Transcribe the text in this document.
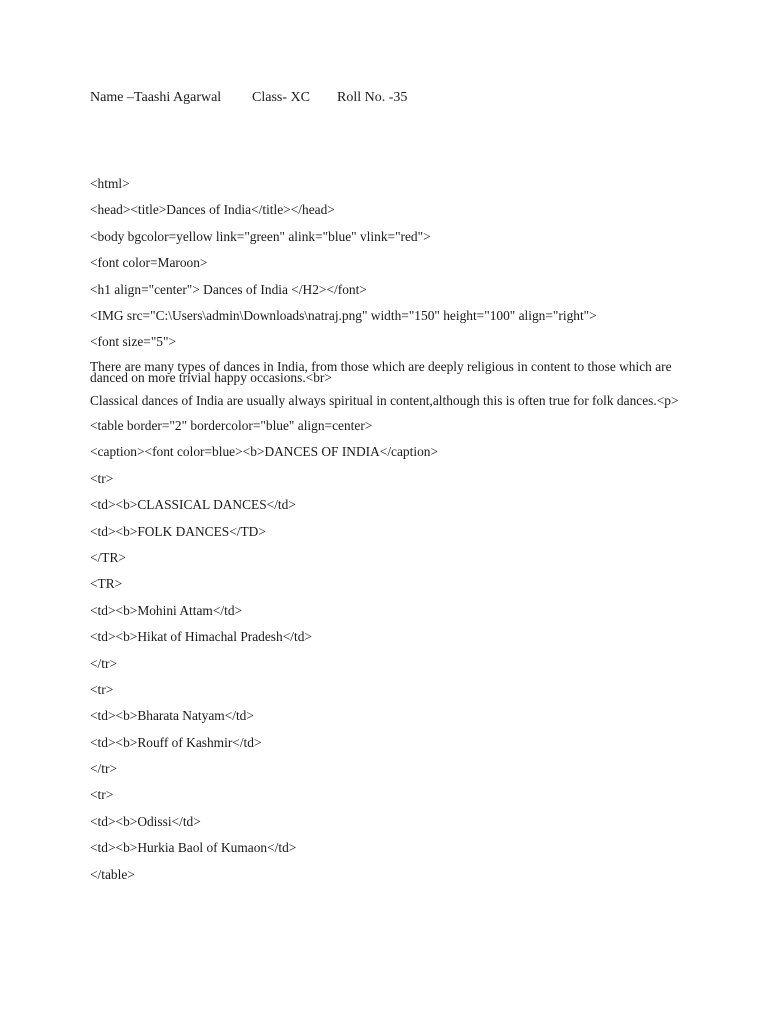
Name –Taashi Agarwal Class- XC Roll No. -35
<html>
<head><title>Dances of India</title></head>
<body bgcolor=yellow link="green" alink="blue" vlink="red">
<font color=Maroon>
<h1 align="center"> Dances of India </H2></font>
<IMG src="C:\Users\admin\Downloads\natraj.png" width="150" height="100" align="right">
<font size="5">
There are many types of dances in India, from those which are deeply religious in content to those which are danced on more trivial happy occasions.<br>
Classical dances of India are usually always spiritual in content,although this is often true for folk dances.<p>
<table border="2" bordercolor="blue" align=center>
<caption><font color=blue><b>DANCES OF INDIA</caption>
<tr>
<td><b>CLASSICAL DANCES</td>
<td><b>FOLK DANCES</TD>
</TR>
<TR>
<td><b>Mohini Attam</td>
<td><b>Hikat of Himachal Pradesh</td>
</tr>
<tr>
<td><b>Bharata Natyam</td>
<td><b>Rouff of Kashmir</td>
</tr>
<tr>
<td><b>Odissi</td>
<td><b>Hurkia Baol of Kumaon</td>
</table>
